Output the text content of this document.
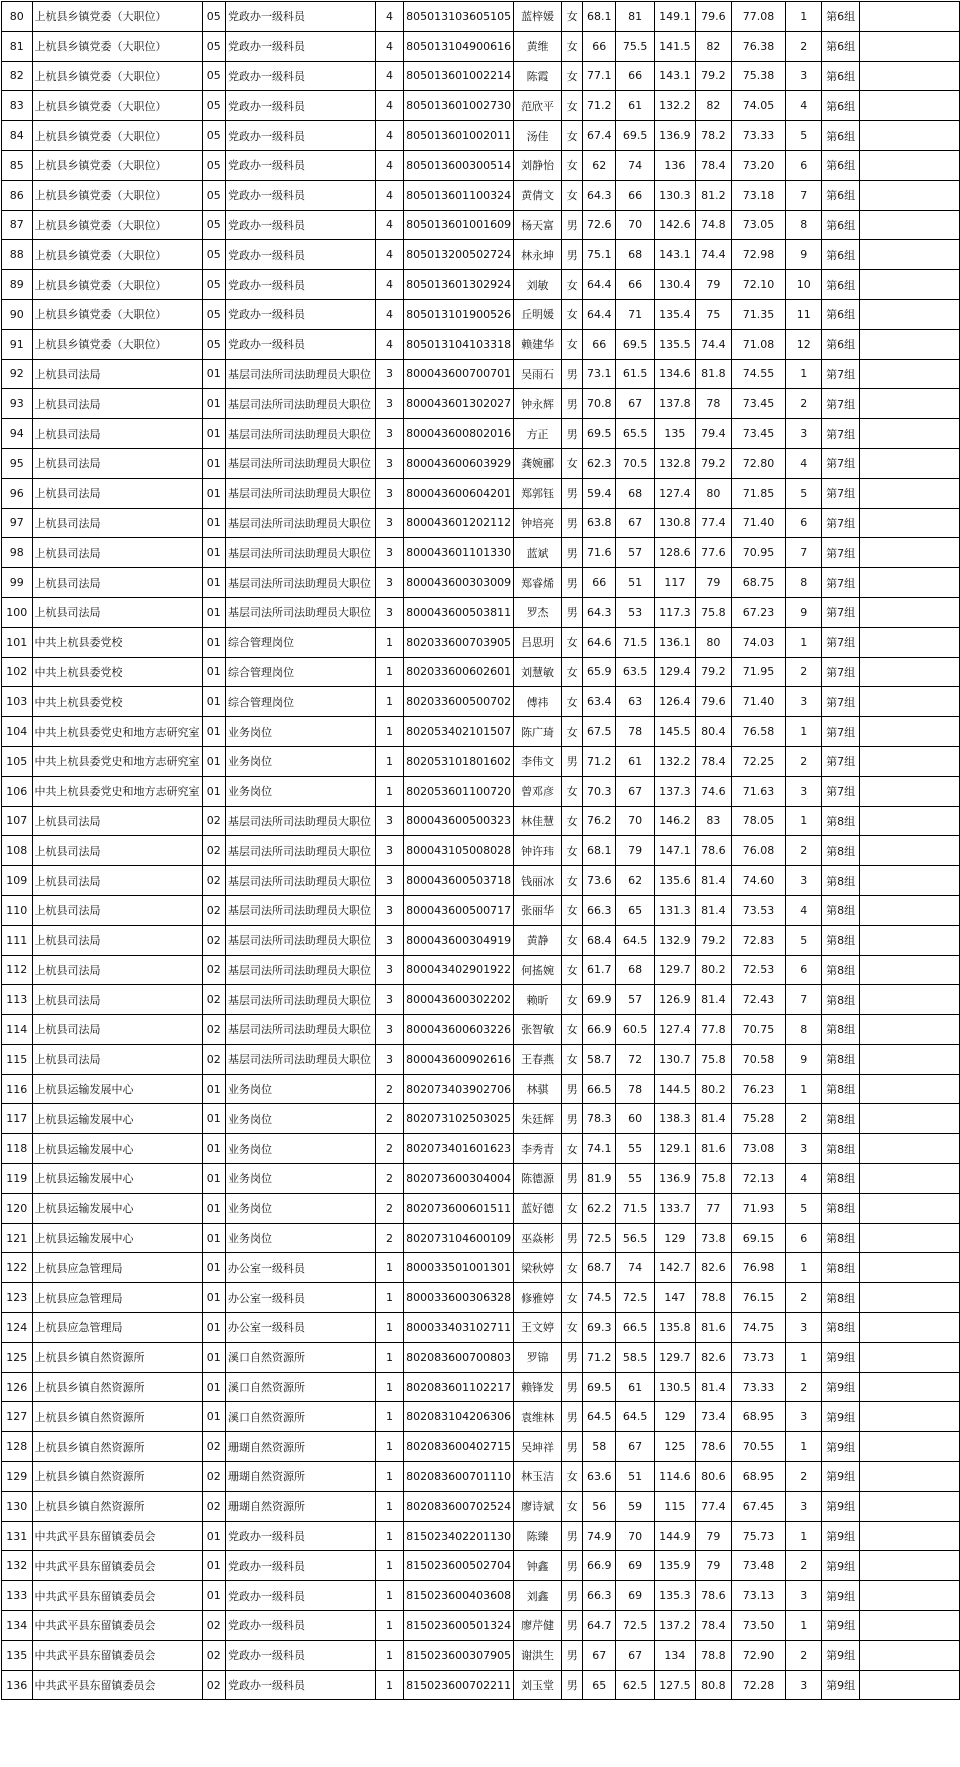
80	上杭县乡镇党委（大职位）	05	党政办一级科员	4	805013103605105	蓝梓媛	女	68.1	81	149.1	79.6	77.08	1	第6组	
81	上杭县乡镇党委（大职位）	05	党政办一级科员	4	805013104900616	黄维	女	66	75.5	141.5	82	76.38	2	第6组	
82	上杭县乡镇党委（大职位）	05	党政办一级科员	4	805013601002214	陈霞	女	77.1	66	143.1	79.2	75.38	3	第6组	
83	上杭县乡镇党委（大职位）	05	党政办一级科员	4	805013601002730	范欣平	女	71.2	61	132.2	82	74.05	4	第6组	
84	上杭县乡镇党委（大职位）	05	党政办一级科员	4	805013601002011	汤佳	女	67.4	69.5	136.9	78.2	73.33	5	第6组	
85	上杭县乡镇党委（大职位）	05	党政办一级科员	4	805013600300514	刘静怡	女	62	74	136	78.4	73.20	6	第6组	
86	上杭县乡镇党委（大职位）	05	党政办一级科员	4	805013601100324	黄倩文	女	64.3	66	130.3	81.2	73.18	7	第6组	
87	上杭县乡镇党委（大职位）	05	党政办一级科员	4	805013601001609	杨天富	男	72.6	70	142.6	74.8	73.05	8	第6组	
88	上杭县乡镇党委（大职位）	05	党政办一级科员	4	805013200502724	林永坤	男	75.1	68	143.1	74.4	72.98	9	第6组	
89	上杭县乡镇党委（大职位）	05	党政办一级科员	4	805013601302924	刘敏	女	64.4	66	130.4	79	72.10	10	第6组	
90	上杭县乡镇党委（大职位）	05	党政办一级科员	4	805013101900526	丘明媛	女	64.4	71	135.4	75	71.35	11	第6组	
91	上杭县乡镇党委（大职位）	05	党政办一级科员	4	805013104103318	赖建华	女	66	69.5	135.5	74.4	71.08	12	第6组	
92	上杭县司法局	01	基层司法所司法助理员大职位	3	800043600700701	吴雨石	男	73.1	61.5	134.6	81.8	74.55	1	第7组	
93	上杭县司法局	01	基层司法所司法助理员大职位	3	800043601302027	钟永辉	男	70.8	67	137.8	78	73.45	2	第7组	
94	上杭县司法局	01	基层司法所司法助理员大职位	3	800043600802016	方正	男	69.5	65.5	135	79.4	73.45	3	第7组	
95	上杭县司法局	01	基层司法所司法助理员大职位	3	800043600603929	龚婉郦	女	62.3	70.5	132.8	79.2	72.80	4	第7组	
96	上杭县司法局	01	基层司法所司法助理员大职位	3	800043600604201	郑郭钰	男	59.4	68	127.4	80	71.85	5	第7组	
97	上杭县司法局	01	基层司法所司法助理员大职位	3	800043601202112	钟培亮	男	63.8	67	130.8	77.4	71.40	6	第7组	
98	上杭县司法局	01	基层司法所司法助理员大职位	3	800043601101330	蓝斌	男	71.6	57	128.6	77.6	70.95	7	第7组	
99	上杭县司法局	01	基层司法所司法助理员大职位	3	800043600303009	郑睿烯	男	66	51	117	79	68.75	8	第7组	
100	上杭县司法局	01	基层司法所司法助理员大职位	3	800043600503811	罗杰	男	64.3	53	117.3	75.8	67.23	9	第7组	
101	中共上杭县委党校	01	综合管理岗位	1	802033600703905	吕思玥	女	64.6	71.5	136.1	80	74.03	1	第7组	
102	中共上杭县委党校	01	综合管理岗位	1	802033600602601	刘慧敏	女	65.9	63.5	129.4	79.2	71.95	2	第7组	
103	中共上杭县委党校	01	综合管理岗位	1	802033600500702	傅祎	女	63.4	63	126.4	79.6	71.40	3	第7组	
104	中共上杭县委党史和地方志研究室	01	业务岗位	1	802053402101507	陈广琦	女	67.5	78	145.5	80.4	76.58	1	第7组	
105	中共上杭县委党史和地方志研究室	01	业务岗位	1	802053101801602	李伟文	男	71.2	61	132.2	78.4	72.25	2	第7组	
106	中共上杭县委党史和地方志研究室	01	业务岗位	1	802053601100720	曾邓彦	女	70.3	67	137.3	74.6	71.63	3	第7组	
107	上杭县司法局	02	基层司法所司法助理员大职位	3	800043600500323	林佳慧	女	76.2	70	146.2	83	78.05	1	第8组	
108	上杭县司法局	02	基层司法所司法助理员大职位	3	800043105008028	钟许玮	女	68.1	79	147.1	78.6	76.08	2	第8组	
109	上杭县司法局	02	基层司法所司法助理员大职位	3	800043600503718	钱丽冰	女	73.6	62	135.6	81.4	74.60	3	第8组	
110	上杭县司法局	02	基层司法所司法助理员大职位	3	800043600500717	张丽华	女	66.3	65	131.3	81.4	73.53	4	第8组	
111	上杭县司法局	02	基层司法所司法助理员大职位	3	800043600304919	黄静	女	68.4	64.5	132.9	79.2	72.83	5	第8组	
112	上杭县司法局	02	基层司法所司法助理员大职位	3	800043402901922	何搖婉	女	61.7	68	129.7	80.2	72.53	6	第8组	
113	上杭县司法局	02	基层司法所司法助理员大职位	3	800043600302202	赖昕	女	69.9	57	126.9	81.4	72.43	7	第8组	
114	上杭县司法局	02	基层司法所司法助理员大职位	3	800043600603226	张智敏	女	66.9	60.5	127.4	77.8	70.75	8	第8组	
115	上杭县司法局	02	基层司法所司法助理员大职位	3	800043600902616	王春燕	女	58.7	72	130.7	75.8	70.58	9	第8组	
116	上杭县运输发展中心	01	业务岗位	2	802073403902706	林骐	男	66.5	78	144.5	80.2	76.23	1	第8组	
117	上杭县运输发展中心	01	业务岗位	2	802073102503025	朱廷辉	男	78.3	60	138.3	81.4	75.28	2	第8组	
118	上杭县运输发展中心	01	业务岗位	2	802073401601623	李秀青	女	74.1	55	129.1	81.6	73.08	3	第8组	
119	上杭县运输发展中心	01	业务岗位	2	802073600304004	陈德源	男	81.9	55	136.9	75.8	72.13	4	第8组	
120	上杭县运输发展中心	01	业务岗位	2	802073600601511	蓝好德	女	62.2	71.5	133.7	77	71.93	5	第8组	
121	上杭县运输发展中心	01	业务岗位	2	802073104600109	巫焱彬	男	72.5	56.5	129	73.8	69.15	6	第8组	
122	上杭县应急管理局	01	办公室一级科员	1	800033501001301	梁秋婷	女	68.7	74	142.7	82.6	76.98	1	第8组	
123	上杭县应急管理局	01	办公室一级科员	1	800033600306328	修雅婷	女	74.5	72.5	147	78.8	76.15	2	第8组	
124	上杭县应急管理局	01	办公室一级科员	1	800033403102711	王文婷	女	69.3	66.5	135.8	81.6	74.75	3	第8组	
125	上杭县乡镇自然资源所	01	溪口自然资源所	1	802083600700803	罗锦	男	71.2	58.5	129.7	82.6	73.73	1	第9组	
126	上杭县乡镇自然资源所	01	溪口自然资源所	1	802083601102217	赖锋发	男	69.5	61	130.5	81.4	73.33	2	第9组	
127	上杭县乡镇自然资源所	01	溪口自然资源所	1	802083104206306	袁维林	男	64.5	64.5	129	73.4	68.95	3	第9组	
128	上杭县乡镇自然资源所	02	珊瑚自然资源所	1	802083600402715	吴坤祥	男	58	67	125	78.6	70.55	1	第9组	
129	上杭县乡镇自然资源所	02	珊瑚自然资源所	1	802083600701110	林玉洁	女	63.6	51	114.6	80.6	68.95	2	第9组	
130	上杭县乡镇自然资源所	02	珊瑚自然资源所	1	802083600702524	廖诗斌	女	56	59	115	77.4	67.45	3	第9组	
131	中共武平县东留镇委员会	01	党政办一级科员	1	815023402201130	陈臻	男	74.9	70	144.9	79	75.73	1	第9组	
132	中共武平县东留镇委员会	01	党政办一级科员	1	815023600502704	钟鑫	男	66.9	69	135.9	79	73.48	2	第9组	
133	中共武平县东留镇委员会	01	党政办一级科员	1	815023600403608	刘鑫	男	66.3	69	135.3	78.6	73.13	3	第9组	
134	中共武平县东留镇委员会	02	党政办一级科员	1	815023600501324	廖芹健	男	64.7	72.5	137.2	78.4	73.50	1	第9组	
135	中共武平县东留镇委员会	02	党政办一级科员	1	815023600307905	谢洪生	男	67	67	134	78.8	72.90	2	第9组	
136	中共武平县东留镇委员会	02	党政办一级科员	1	815023600702211	刘玉堂	男	65	62.5	127.5	80.8	72.28	3	第9组	
